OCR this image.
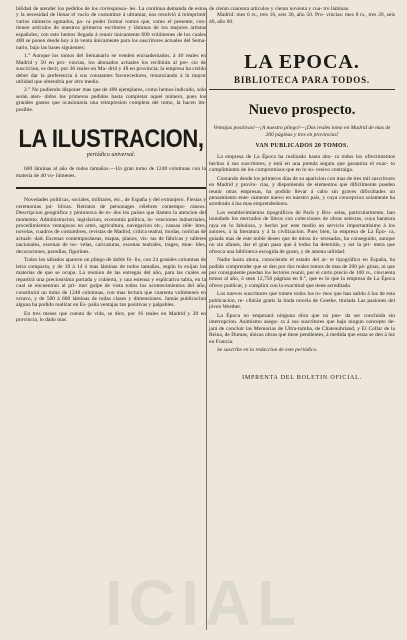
bilidad de atender los pedidos de los corresponsa- les. La contínua demanda de estos y la necesidad de llenar el vacío de costumbre á ultramar, nos resolvió á reimprimir varios números agotados, pa- ra poder formar tomos que, como el presente, con- tienen artículos de nuestros primeros escritores y láminas de los mejores artistas españoles; con esto hemos llegado á reunir únicamente 600 volúmenes de los cuales 400 se ponen desde hoy á la venta únicamente para los suscritores actuales del Sema- nario, bajo las bases siguientes:

1.° Aunque los tomos del Semanario se venden encuadernados, á 40 reales en Madrid y 50 en pro- vincias, los abonados actuales los recibirán al pre- cio de suscricion, es decir, por 36 reales en Ma- drid y 48 en provincia; la empresa ha creido deber dar la preferencia á sus constantes favorecedores, renunciando á la mayor utilidad que obtendría por otro medio.

2.° No pudiendo disponer mas que de 400 ejemplares, como hemos indicado, solo serán aten- didos los primeros pedidos hasta completar aquel número, pues los grandes gastos que ocasionaria una reimpresion completa del tomo, la hacen im- posible.

LA ILUSTRACION,
periódico universal.

600 láminas al año de todos tamaños.—Un gran tomo de 1248 columnas con la materia de 40 vo- lúmenes.

Novedades políticas, sociales, militares, etc., de España y del extranjero. Fiestas y ceremonias pú- blicas. Retratos de personages célebres contempo- ráneos. Descripcion geográfica y pintoresca de to- dos los países que llamen la atencion del momento. Administracion, legislacion, economía política, in- venciones industriales, procedimientos ventajosos en artes, agricultura, navegacion etc., causas céle- bres, novelas, cuadros de costumbres, revistas de Madrid, crítica teatral, modas, noticias de actuali- dad. Escenas contemporáneas, mapas, planos, vis- tas de fábricas y talleres nacionales, escenas de no- velas, caricaturas, escenas teatrales, trages, mue- bles, decoraciones, parodias, figurines.

Todos los sábados aparece un pliego de doble fó- lio, con 24 grandes columnas de letra compacta, y de 10 á 14 ó mas láminas de todos tamaños, según lo exijan las materias de que se ocupa. La reunion de las entregas del año, para las cuales se repartirá una preciosísima portada y cubierta, y una estensa y esplicativa tabla, en la cual se encuentran al pri- mer golpe de vista todos los acontecimientos del año, constituirá un tomo de 1248 columnas, con mas lectura que cuarenta volúmenes en octavo, y de 500 á 600 láminas de todas clases y dimensiones. Jamás publicacion alguna ha podido realizar en Es- paña ventajas tan positivas y palpables.

En tres meses que cuenta de vida, se dice, por 16 reales en Madrid y 20 en provincia, lo dado mas

de ciento cuarenta artículos y ciento noventa y cua- tro láminas.

Madrid: mes 6 rs., tres 16, seis 30, año 50. Pro- vincias: mes 8 rs., tres 20, seis 40, año 60.

LA EPOCA.
BIBLIOTECA PARA TODOS.
Nuevo prospecto.

Ventajas positivas!—¡A nuestro pliego!—¡Dos reales tomo en Madrid de mas de 200 páginas y tres en provincias!

VAN PUBLICADOS 20 TOMOS.

La empresa de La Época ha realizado hasta aho- ra todos los ofrecimientos hechos á sus suscritores, y está en una prenda segura que garantiza el exac- to cumplimiento de los compromisos que en lo su- cesivo contraiga.

Contando desde los primeros días de su aparicion con mas de tres mil suscritores en Madrid y provin- cias, y disponiendo de elementos que difícilmente pueden reunir otras empresas, ha podido llevar á cabo sin graves dificultades un pensamiento ente- ramente nuevo en nuestro país, y cuya concepcion solamente ha arredrado á los mas emprendedores.

Los establecimientos tipográficos de París y Bru- selas, particularmente, han inundado los mercados de libros con colecciones de obras selectas, cuya baratura raya en lo fabuloso, y hecho por este medio un servicio importantísimo á los autores, á la literatura y á la civilizacion. Pues bien, la empresa de La Épo- ca, guiada mas de este noble deseo que de miras in- teresadas, ha conseguido, aunque no sin afanes, dar el gran paso que á todos ha detenido, y ser la pri- mera que ofrezca una biblioteca escogida de gusto, y de amena utilidad.

Nadie hasta ahora, conociendo el estado del ar- te tipográfico en España, ha podido comprender que se den por dos reales tomos de mas de 200 pá- ginas, ni que por consiguiente puedan los lectores reunir, por el corto precio de 100 rs., cincuenta tomos al año, ó sean 12,750 páginas en 8.°, que es lo que la empresa de La Época ofrece publicar, y cumplirá con la exactitud que tiene acreditada.

Los nuevos suscritores que tomen todos los to- mos que han salido á luz de esta publicacion, re- cibirán gratis la linda novela de Goethe, titulada Las pasiones del jóven Werther.

La Época no empezará ninguna obra que no pue- da ser concluida sin interrupcion. Asimismo asegu- ra á sus suscritores que bajo ningun concepto de- jará de concluir las Memorias de Ultra-tumba, de Chateaubriand, y El Collar de la Reina, de Dumas, únicas obras que tiene pendientes, á medida que estas se den á luz en Francia.

Se suscribe en la redaccion de este periódico.

IMPRENTA DEL BOLETIN OFICIAL.
ICIAL
